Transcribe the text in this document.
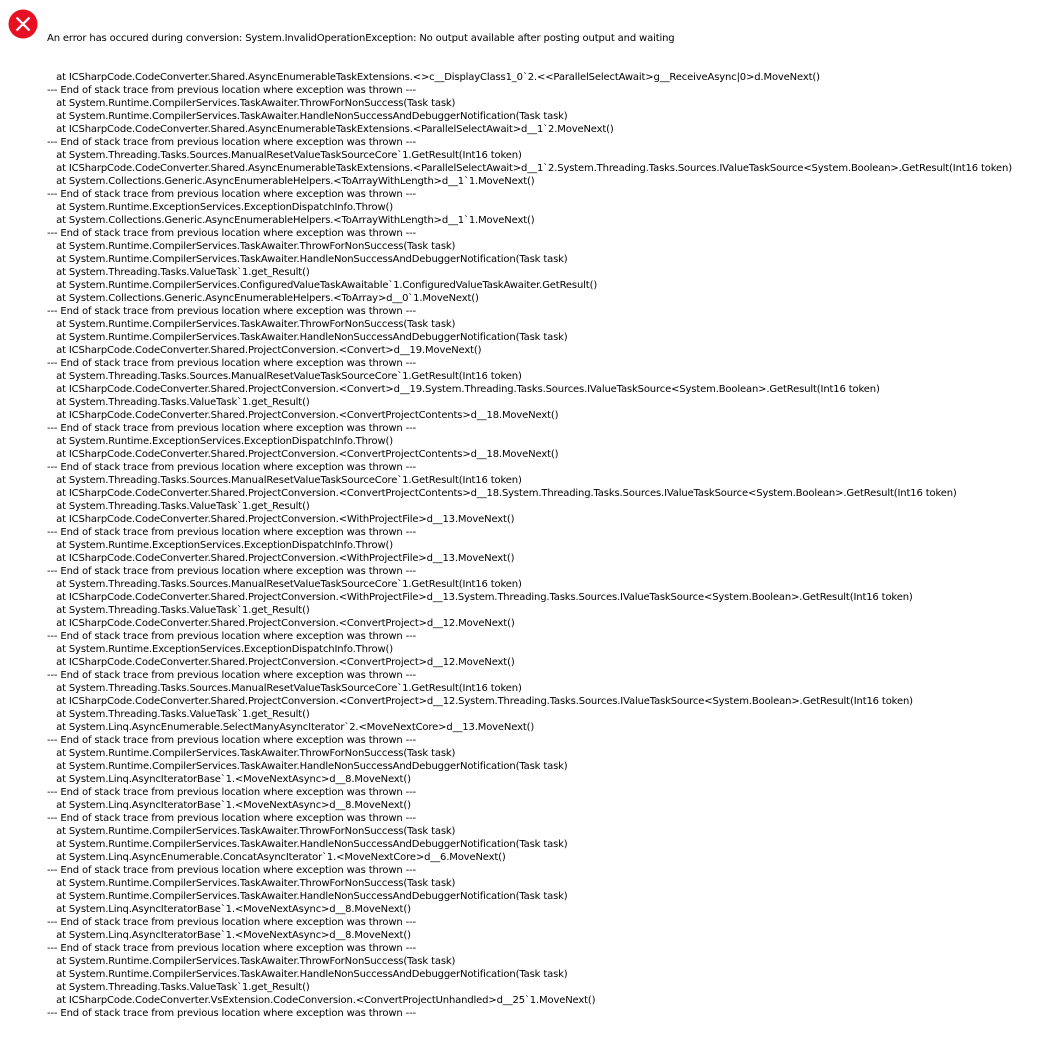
An error has occured during conversion: System.InvalidOperationException: No output available after posting output and waiting

at ICSharpCode.CodeConverter.Shared.AsyncEnumerableTaskExtensions.<>c__DisplayClass1_0`2.<<ParallelSelectAwait>g__ReceiveAsync|0>d.MoveNext()
--- End of stack trace from previous location where exception was thrown ---
at System.Runtime.CompilerServices.TaskAwaiter.ThrowForNonSuccess(Task task)
at System.Runtime.CompilerServices.TaskAwaiter.HandleNonSuccessAndDebuggerNotification(Task task)
at ICSharpCode.CodeConverter.Shared.AsyncEnumerableTaskExtensions.<ParallelSelectAwait>d__1`2.MoveNext()
--- End of stack trace from previous location where exception was thrown ---
at System.Threading.Tasks.Sources.ManualResetValueTaskSourceCore`1.GetResult(Int16 token)
at ICSharpCode.CodeConverter.Shared.AsyncEnumerableTaskExtensions.<ParallelSelectAwait>d__1`2.System.Threading.Tasks.Sources.IValueTaskSource<System.Boolean>.GetResult(Int16 token)
at System.Collections.Generic.AsyncEnumerableHelpers.<ToArrayWithLength>d__1`1.MoveNext()
--- End of stack trace from previous location where exception was thrown ---
at System.Runtime.ExceptionServices.ExceptionDispatchInfo.Throw()
at System.Collections.Generic.AsyncEnumerableHelpers.<ToArrayWithLength>d__1`1.MoveNext()
--- End of stack trace from previous location where exception was thrown ---
at System.Runtime.CompilerServices.TaskAwaiter.ThrowForNonSuccess(Task task)
at System.Runtime.CompilerServices.TaskAwaiter.HandleNonSuccessAndDebuggerNotification(Task task)
at System.Threading.Tasks.ValueTask`1.get_Result()
at System.Runtime.CompilerServices.ConfiguredValueTaskAwaitable`1.ConfiguredValueTaskAwaiter.GetResult()
at System.Collections.Generic.AsyncEnumerableHelpers.<ToArray>d__0`1.MoveNext()
--- End of stack trace from previous location where exception was thrown ---
at System.Runtime.CompilerServices.TaskAwaiter.ThrowForNonSuccess(Task task)
at System.Runtime.CompilerServices.TaskAwaiter.HandleNonSuccessAndDebuggerNotification(Task task)
at ICSharpCode.CodeConverter.Shared.ProjectConversion.<Convert>d__19.MoveNext()
--- End of stack trace from previous location where exception was thrown ---
at System.Threading.Tasks.Sources.ManualResetValueTaskSourceCore`1.GetResult(Int16 token)
at ICSharpCode.CodeConverter.Shared.ProjectConversion.<Convert>d__19.System.Threading.Tasks.Sources.IValueTaskSource<System.Boolean>.GetResult(Int16 token)
at System.Threading.Tasks.ValueTask`1.get_Result()
at ICSharpCode.CodeConverter.Shared.ProjectConversion.<ConvertProjectContents>d__18.MoveNext()
--- End of stack trace from previous location where exception was thrown ---
at System.Runtime.ExceptionServices.ExceptionDispatchInfo.Throw()
at ICSharpCode.CodeConverter.Shared.ProjectConversion.<ConvertProjectContents>d__18.MoveNext()
--- End of stack trace from previous location where exception was thrown ---
at System.Threading.Tasks.Sources.ManualResetValueTaskSourceCore`1.GetResult(Int16 token)
at ICSharpCode.CodeConverter.Shared.ProjectConversion.<ConvertProjectContents>d__18.System.Threading.Tasks.Sources.IValueTaskSource<System.Boolean>.GetResult(Int16 token)
at System.Threading.Tasks.ValueTask`1.get_Result()
at ICSharpCode.CodeConverter.Shared.ProjectConversion.<WithProjectFile>d__13.MoveNext()
--- End of stack trace from previous location where exception was thrown ---
at System.Runtime.ExceptionServices.ExceptionDispatchInfo.Throw()
at ICSharpCode.CodeConverter.Shared.ProjectConversion.<WithProjectFile>d__13.MoveNext()
--- End of stack trace from previous location where exception was thrown ---
at System.Threading.Tasks.Sources.ManualResetValueTaskSourceCore`1.GetResult(Int16 token)
at ICSharpCode.CodeConverter.Shared.ProjectConversion.<WithProjectFile>d__13.System.Threading.Tasks.Sources.IValueTaskSource<System.Boolean>.GetResult(Int16 token)
at System.Threading.Tasks.ValueTask`1.get_Result()
at ICSharpCode.CodeConverter.Shared.ProjectConversion.<ConvertProject>d__12.MoveNext()
--- End of stack trace from previous location where exception was thrown ---
at System.Runtime.ExceptionServices.ExceptionDispatchInfo.Throw()
at ICSharpCode.CodeConverter.Shared.ProjectConversion.<ConvertProject>d__12.MoveNext()
--- End of stack trace from previous location where exception was thrown ---
at System.Threading.Tasks.Sources.ManualResetValueTaskSourceCore`1.GetResult(Int16 token)
at ICSharpCode.CodeConverter.Shared.ProjectConversion.<ConvertProject>d__12.System.Threading.Tasks.Sources.IValueTaskSource<System.Boolean>.GetResult(Int16 token)
at System.Threading.Tasks.ValueTask`1.get_Result()
at System.Linq.AsyncEnumerable.SelectManyAsyncIterator`2.<MoveNextCore>d__13.MoveNext()
--- End of stack trace from previous location where exception was thrown ---
at System.Runtime.CompilerServices.TaskAwaiter.ThrowForNonSuccess(Task task)
at System.Runtime.CompilerServices.TaskAwaiter.HandleNonSuccessAndDebuggerNotification(Task task)
at System.Linq.AsyncIteratorBase`1.<MoveNextAsync>d__8.MoveNext()
--- End of stack trace from previous location where exception was thrown ---
at System.Linq.AsyncIteratorBase`1.<MoveNextAsync>d__8.MoveNext()
--- End of stack trace from previous location where exception was thrown ---
at System.Runtime.CompilerServices.TaskAwaiter.ThrowForNonSuccess(Task task)
at System.Runtime.CompilerServices.TaskAwaiter.HandleNonSuccessAndDebuggerNotification(Task task)
at System.Linq.AsyncEnumerable.ConcatAsyncIterator`1.<MoveNextCore>d__6.MoveNext()
--- End of stack trace from previous location where exception was thrown ---
at System.Runtime.CompilerServices.TaskAwaiter.ThrowForNonSuccess(Task task)
at System.Runtime.CompilerServices.TaskAwaiter.HandleNonSuccessAndDebuggerNotification(Task task)
at System.Linq.AsyncIteratorBase`1.<MoveNextAsync>d__8.MoveNext()
--- End of stack trace from previous location where exception was thrown ---
at System.Linq.AsyncIteratorBase`1.<MoveNextAsync>d__8.MoveNext()
--- End of stack trace from previous location where exception was thrown ---
at System.Runtime.CompilerServices.TaskAwaiter.ThrowForNonSuccess(Task task)
at System.Runtime.CompilerServices.TaskAwaiter.HandleNonSuccessAndDebuggerNotification(Task task)
at System.Threading.Tasks.ValueTask`1.get_Result()
at ICSharpCode.CodeConverter.VsExtension.CodeConversion.<ConvertProjectUnhandled>d__25`1.MoveNext()
--- End of stack trace from previous location where exception was thrown ---
